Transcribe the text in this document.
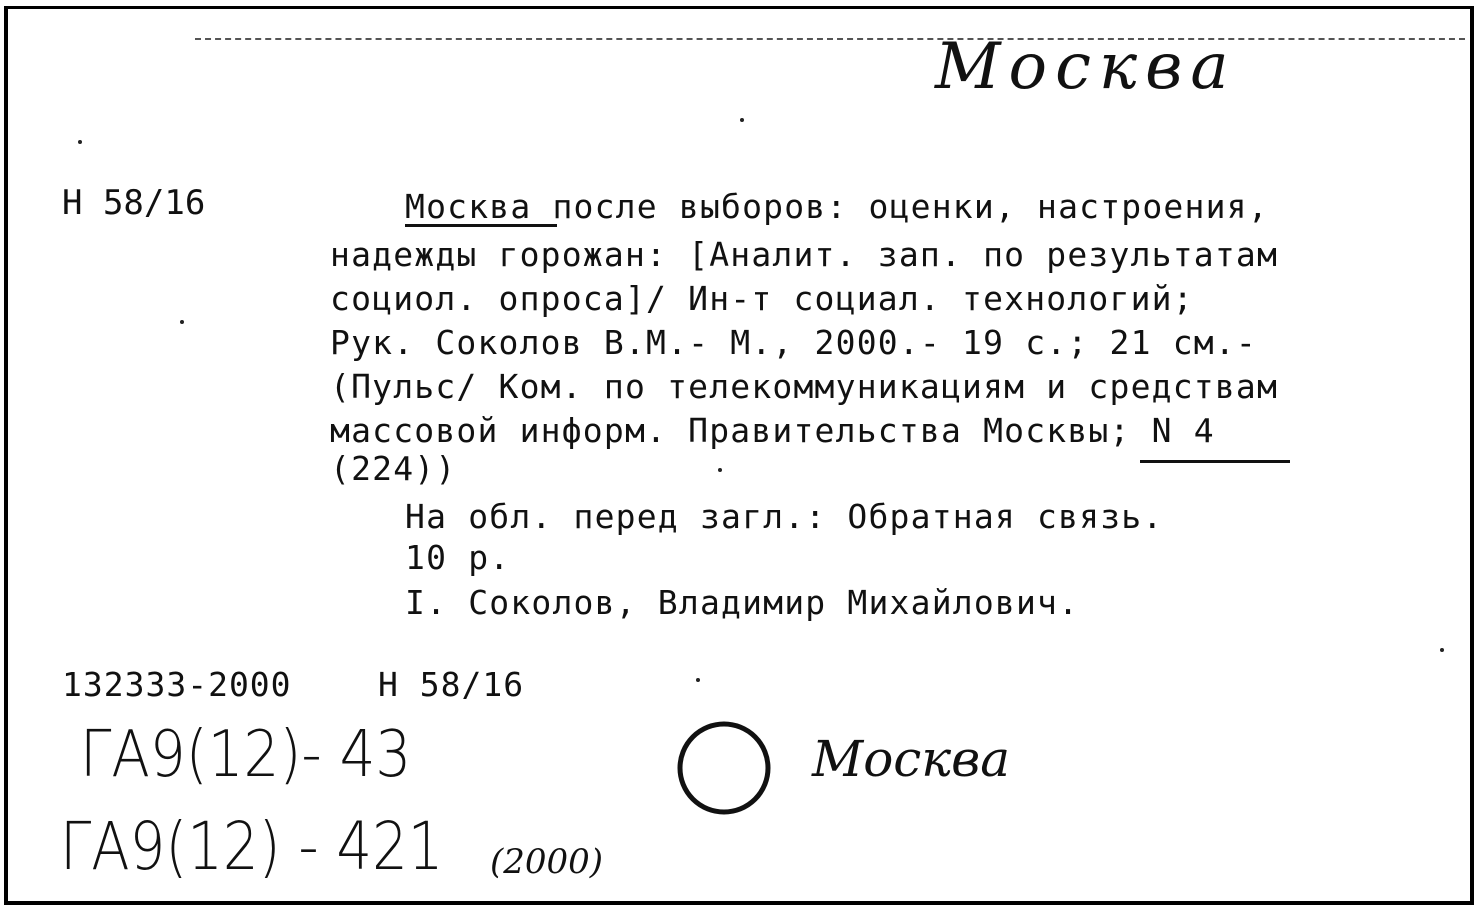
Москва
Н 58/16	Москва после выборов: оценки, настроения,
надежды горожан: [Аналит. зап. по результатам
социол. опроса]/ Ин-т социал. технологий;
Рук. Соколов В.М.- М., 2000.- 19 с.; 21 см.-
(Пульс/ Ком. по телекоммуникациям и средствам
массовой информ. Правительства Москвы; N 4
(224))
На обл. перед загл.: Обратная связь.
10 р.
I. Соколов, Владимир Михайлович.
132333-2000	Н 58/16
ГА9(12)- 43
ГА9(12) - 421 (2000)
Москва
